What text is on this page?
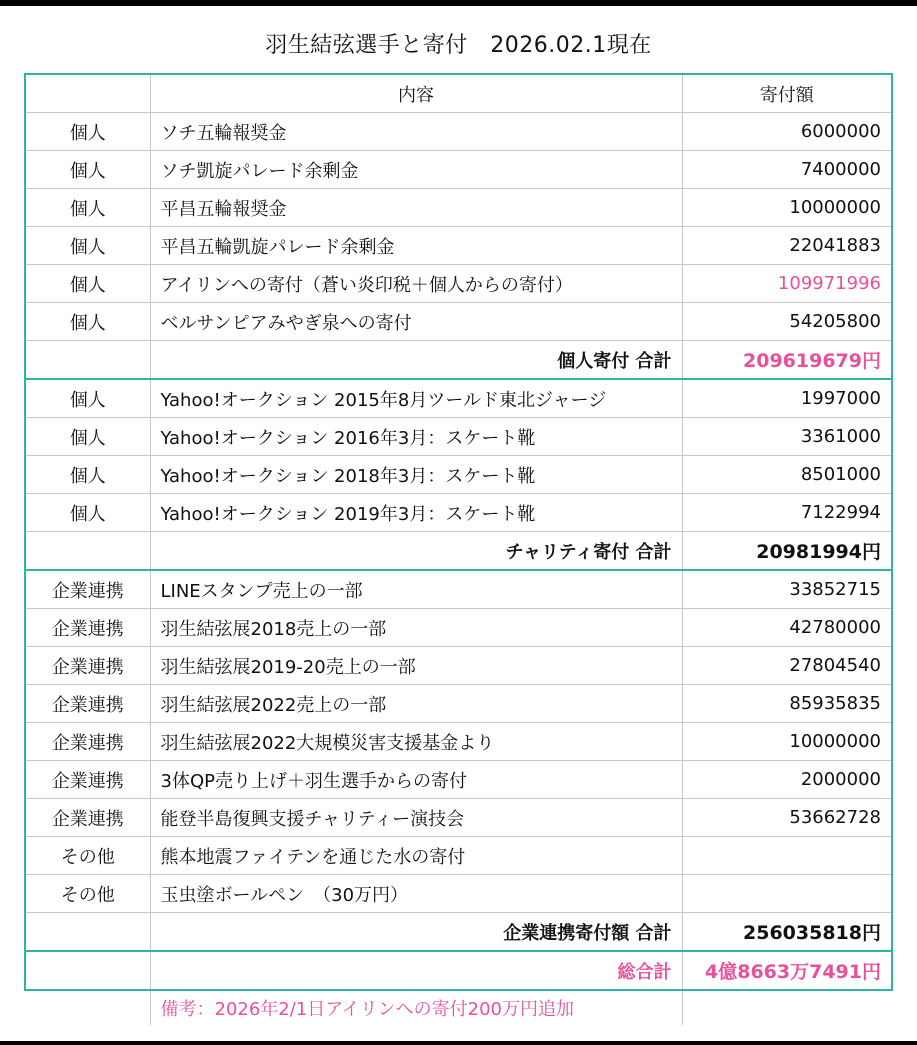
羽生結弦選手と寄付　2026.02.1現在
	内容	寄付額
個人	ソチ五輪報奨金	6000000
個人	ソチ凱旋パレード余剰金	7400000
個人	平昌五輪報奨金	10000000
個人	平昌五輪凱旋パレード余剰金	22041883
個人	アイリンへの寄付（蒼い炎印税＋個人からの寄付）	109971996
個人	ベルサンピアみやぎ泉への寄付	54205800
	個人寄付 合計	209619679円
個人	Yahoo!オークション 2015年8月ツールド東北ジャージ	1997000
個人	Yahoo!オークション 2016年3月：スケート靴	3361000
個人	Yahoo!オークション 2018年3月：スケート靴	8501000
個人	Yahoo!オークション 2019年3月：スケート靴	7122994
	チャリティ寄付 合計	20981994円
企業連携	LINEスタンプ売上の一部	33852715
企業連携	羽生結弦展2018売上の一部	42780000
企業連携	羽生結弦展2019-20売上の一部	27804540
企業連携	羽生結弦展2022売上の一部	85935835
企業連携	羽生結弦展2022大規模災害支援基金より	10000000
企業連携	3体QP売り上げ＋羽生選手からの寄付	2000000
企業連携	能登半島復興支援チャリティー演技会	53662728
その他	熊本地震ファイテンを通じた水の寄付	
その他	玉虫塗ボールペン　（30万円）	
	企業連携寄付額 合計	256035818円
	総合計	4億8663万7491円
	備考：2026年2/1日アイリンへの寄付200万円追加	
